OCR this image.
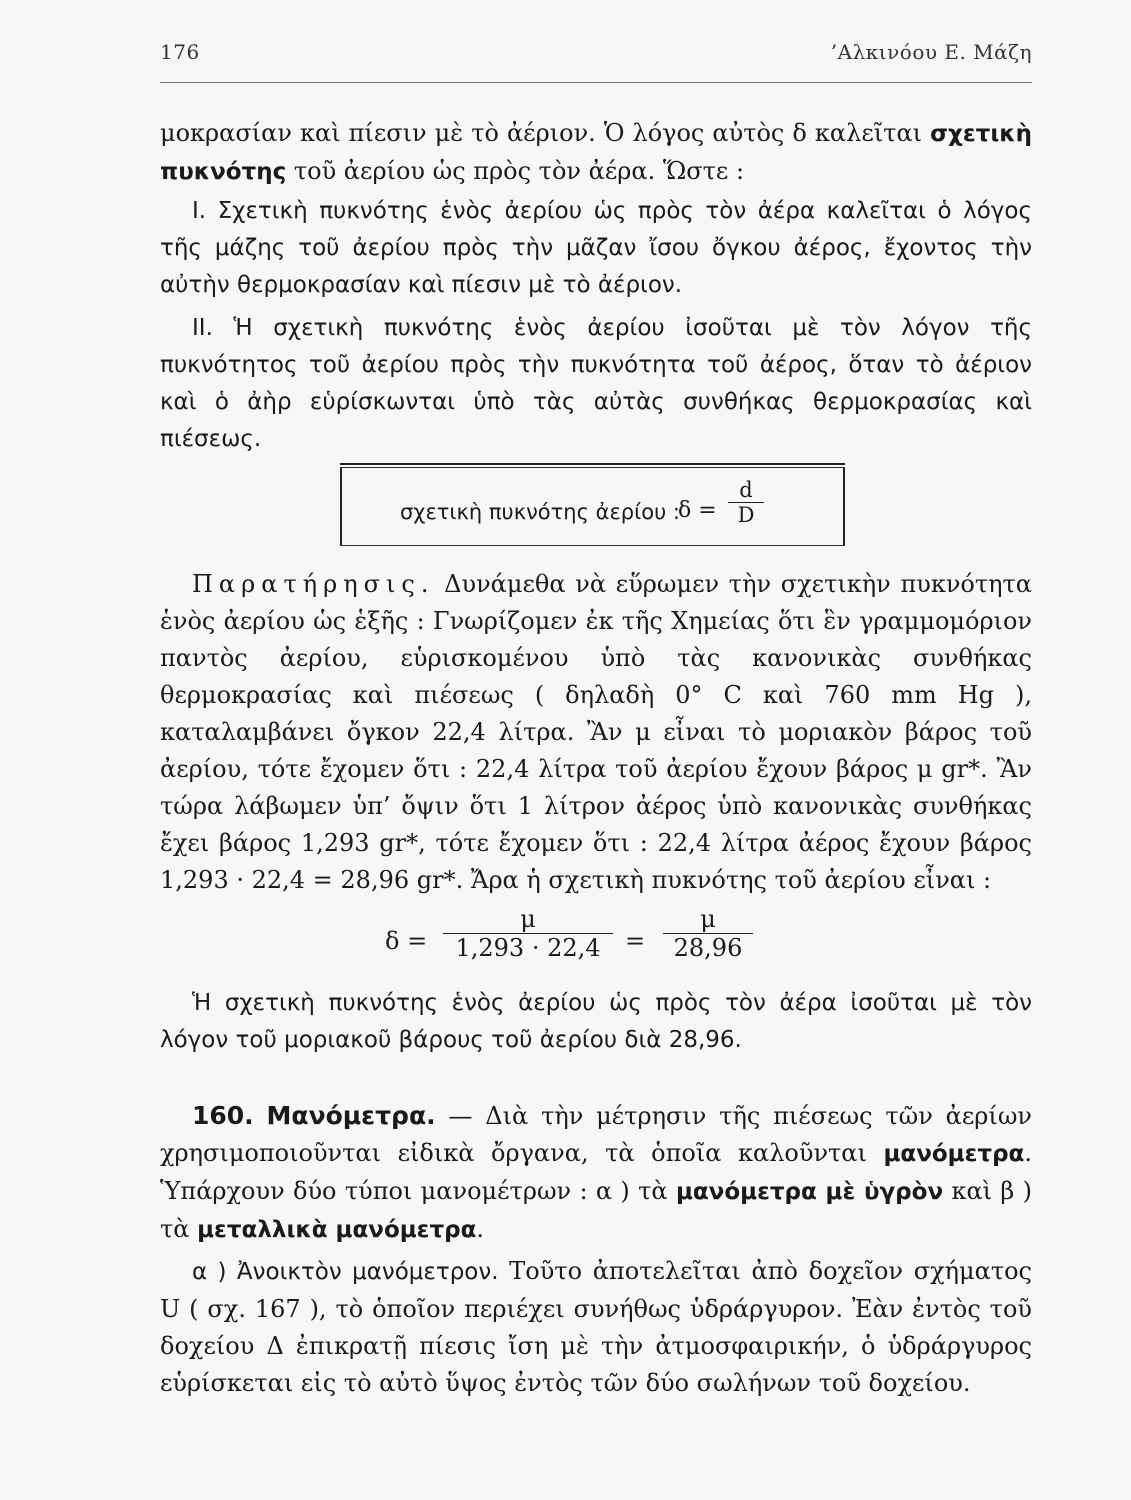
176	’Αλκινόου Ε. Μάζη

μοκρασίαν καὶ πίεσιν μὲ τὸ ἀέριον. Ὁ λόγος αὐτὸς δ καλεῖται σχετικὴ πυκνότης τοῦ ἀερίου ὡς πρὸς τὸν ἀέρα. Ὥστε :

I. Σχετικὴ πυκνότης ἑνὸς ἀερίου ὡς πρὸς τὸν ἀέρα καλεῖται ὁ λόγος τῆς μάζης τοῦ ἀερίου πρὸς τὴν μᾶζαν ἴσου ὄγκου ἀέρος, ἔχοντος τὴν αὐτὴν θερμοκρασίαν καὶ πίεσιν μὲ τὸ ἀέριον.

II. Ἡ σχετικὴ πυκνότης ἑνὸς ἀερίου ἰσοῦται μὲ τὸν λόγον τῆς πυκνότητος τοῦ ἀερίου πρὸς τὴν πυκνότητα τοῦ ἀέρος, ὅταν τὸ ἀέριον καὶ ὁ ἀὴρ εὑρίσκωνται ὑπὸ τὰς αὐτὰς συνθήκας θερμοκρασίας καὶ πιέσεως.

σχετικὴ πυκνότης ἀερίου :
δ =
d
D

Παρατήρησις. Δυνάμεθα νὰ εὕρωμεν τὴν σχετικὴν πυκνότητα ἑνὸς ἀερίου ὡς ἑξῆς : Γνωρίζομεν ἐκ τῆς Χημείας ὅτι ἓν γραμμομόριον παντὸς ἀερίου, εὑρισκομένου ὑπὸ τὰς κανονικὰς συνθήκας θερμοκρασίας καὶ πιέσεως ( δηλαδὴ 0° C καὶ 760 mm Hg ), καταλαμβάνει ὄγκον 22,4 λίτρα. Ἂν μ εἶναι τὸ μοριακὸν βάρος τοῦ ἀερίου, τότε ἔχομεν ὅτι : 22,4 λίτρα τοῦ ἀερίου ἔχουν βάρος μ gr*. Ἂν τώρα λάβωμεν ὑπ’ ὄψιν ὅτι 1 λίτρον ἀέρος ὑπὸ κανονικὰς συνθήκας ἔχει βάρος 1,293 gr*, τότε ἔχομεν ὅτι : 22,4 λίτρα ἀέρος ἔχουν βάρος 1,293 · 22,4 = 28,96 gr*. Ἄρα ἡ σχετικὴ πυκνότης τοῦ ἀερίου εἶναι :

δ =
μ
1,293 · 22,4	=
μ
28,96

Ἡ σχετικὴ πυκνότης ἑνὸς ἀερίου ὡς πρὸς τὸν ἀέρα ἰσοῦται μὲ τὸν λόγον τοῦ μοριακοῦ βάρους τοῦ ἀερίου διὰ 28,96.

160. Μανόμετρα. — Διὰ τὴν μέτρησιν τῆς πιέσεως τῶν ἀερίων χρησιμοποιοῦνται εἰδικὰ ὄργανα, τὰ ὁποῖα καλοῦνται μανόμετρα. Ὑπάρχουν δύο τύποι μανομέτρων : α ) τὰ μανόμετρα μὲ ὑγρὸν καὶ β ) τὰ μεταλλικὰ μανόμετρα.

α ) Ἀνοικτὸν μανόμετρον. Τοῦτο ἀποτελεῖται ἀπὸ δοχεῖον σχήματος U ( σχ. 167 ), τὸ ὁποῖον περιέχει συνήθως ὑδράργυρον. Ἐὰν ἐντὸς τοῦ δοχείου Δ ἐπικρατῇ πίεσις ἴση μὲ τὴν ἀτμοσφαιρικήν, ὁ ὑδράργυρος εὑρίσκεται εἰς τὸ αὐτὸ ὕψος ἐντὸς τῶν δύο σωλήνων τοῦ δοχείου.
